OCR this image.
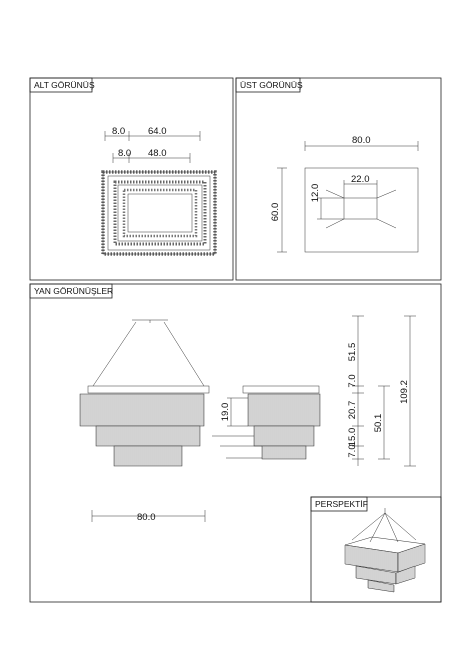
ALT GÖRÜNÜŞ
8.0 64.0
8.0 48.0
ÜST GÖRÜNÜŞ
80.0
60.0
22.0
12.0
YAN GÖRÜNÜŞLER
80.0
19.0
51.5
7.0
20.7
15.0
7.0
50.1
109.2
PERSPEKTİF
